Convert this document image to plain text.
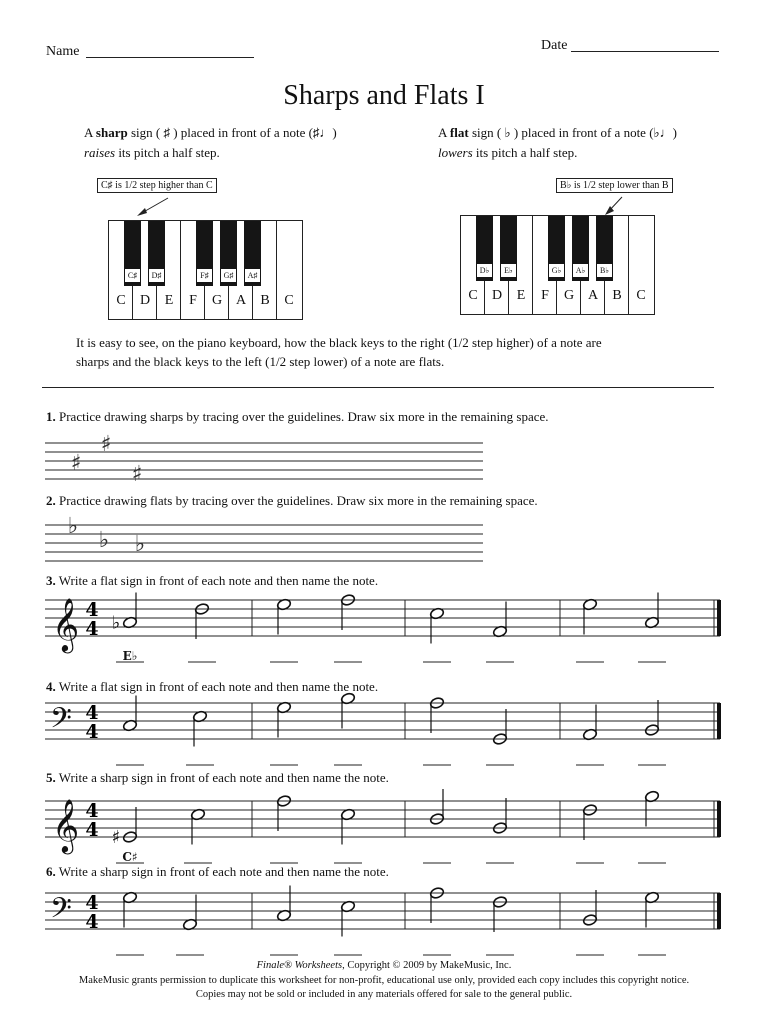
Name	Date
Sharps and Flats I
A sharp sign ( ♯ ) placed in front of a note (♯♩)
raises its pitch a half step.
A flat sign ( ♭ ) placed in front of a note (♭♩)
lowers its pitch a half step.
C♯ is 1/2 step higher than C	B♭ is 1/2 step lower than B
C	D	E	F	G A	B	C
C♯	D♯	F♯	G♯	A♯
C	D	E	F	G A	B	C
D♭	E♭	G♭	A♭	B♭
It is easy to see, on the piano keyboard, how the black keys to the right (1/2 step higher) of a note are
sharps and the black keys to the left (1/2 step lower) of a note are flats.
1. Practice drawing sharps by tracing over the guidelines. Draw six more in the remaining space.
2. Practice drawing flats by tracing over the guidelines. Draw six more in the remaining space.
3. Write a flat sign in front of each note and then name the note.
4. Write a flat sign in front of each note and then name the note.
5. Write a sharp sign in front of each note and then name the note.
6. Write a sharp sign in front of each note and then name the note.
♯
♯
♯
♭
♭ ♭
𝄞 4
4 ♭
E♭
𝄢 4
4
𝄞 4
4 ♯
C♯
𝄢 4
4
Finale® Worksheets, Copyright © 2009 by MakeMusic, Inc.
MakeMusic grants permission to duplicate this worksheet for non-profit, educational use only, provided each copy includes this copyright notice.
Copies may not be sold or included in any materials offered for sale to the general public.
